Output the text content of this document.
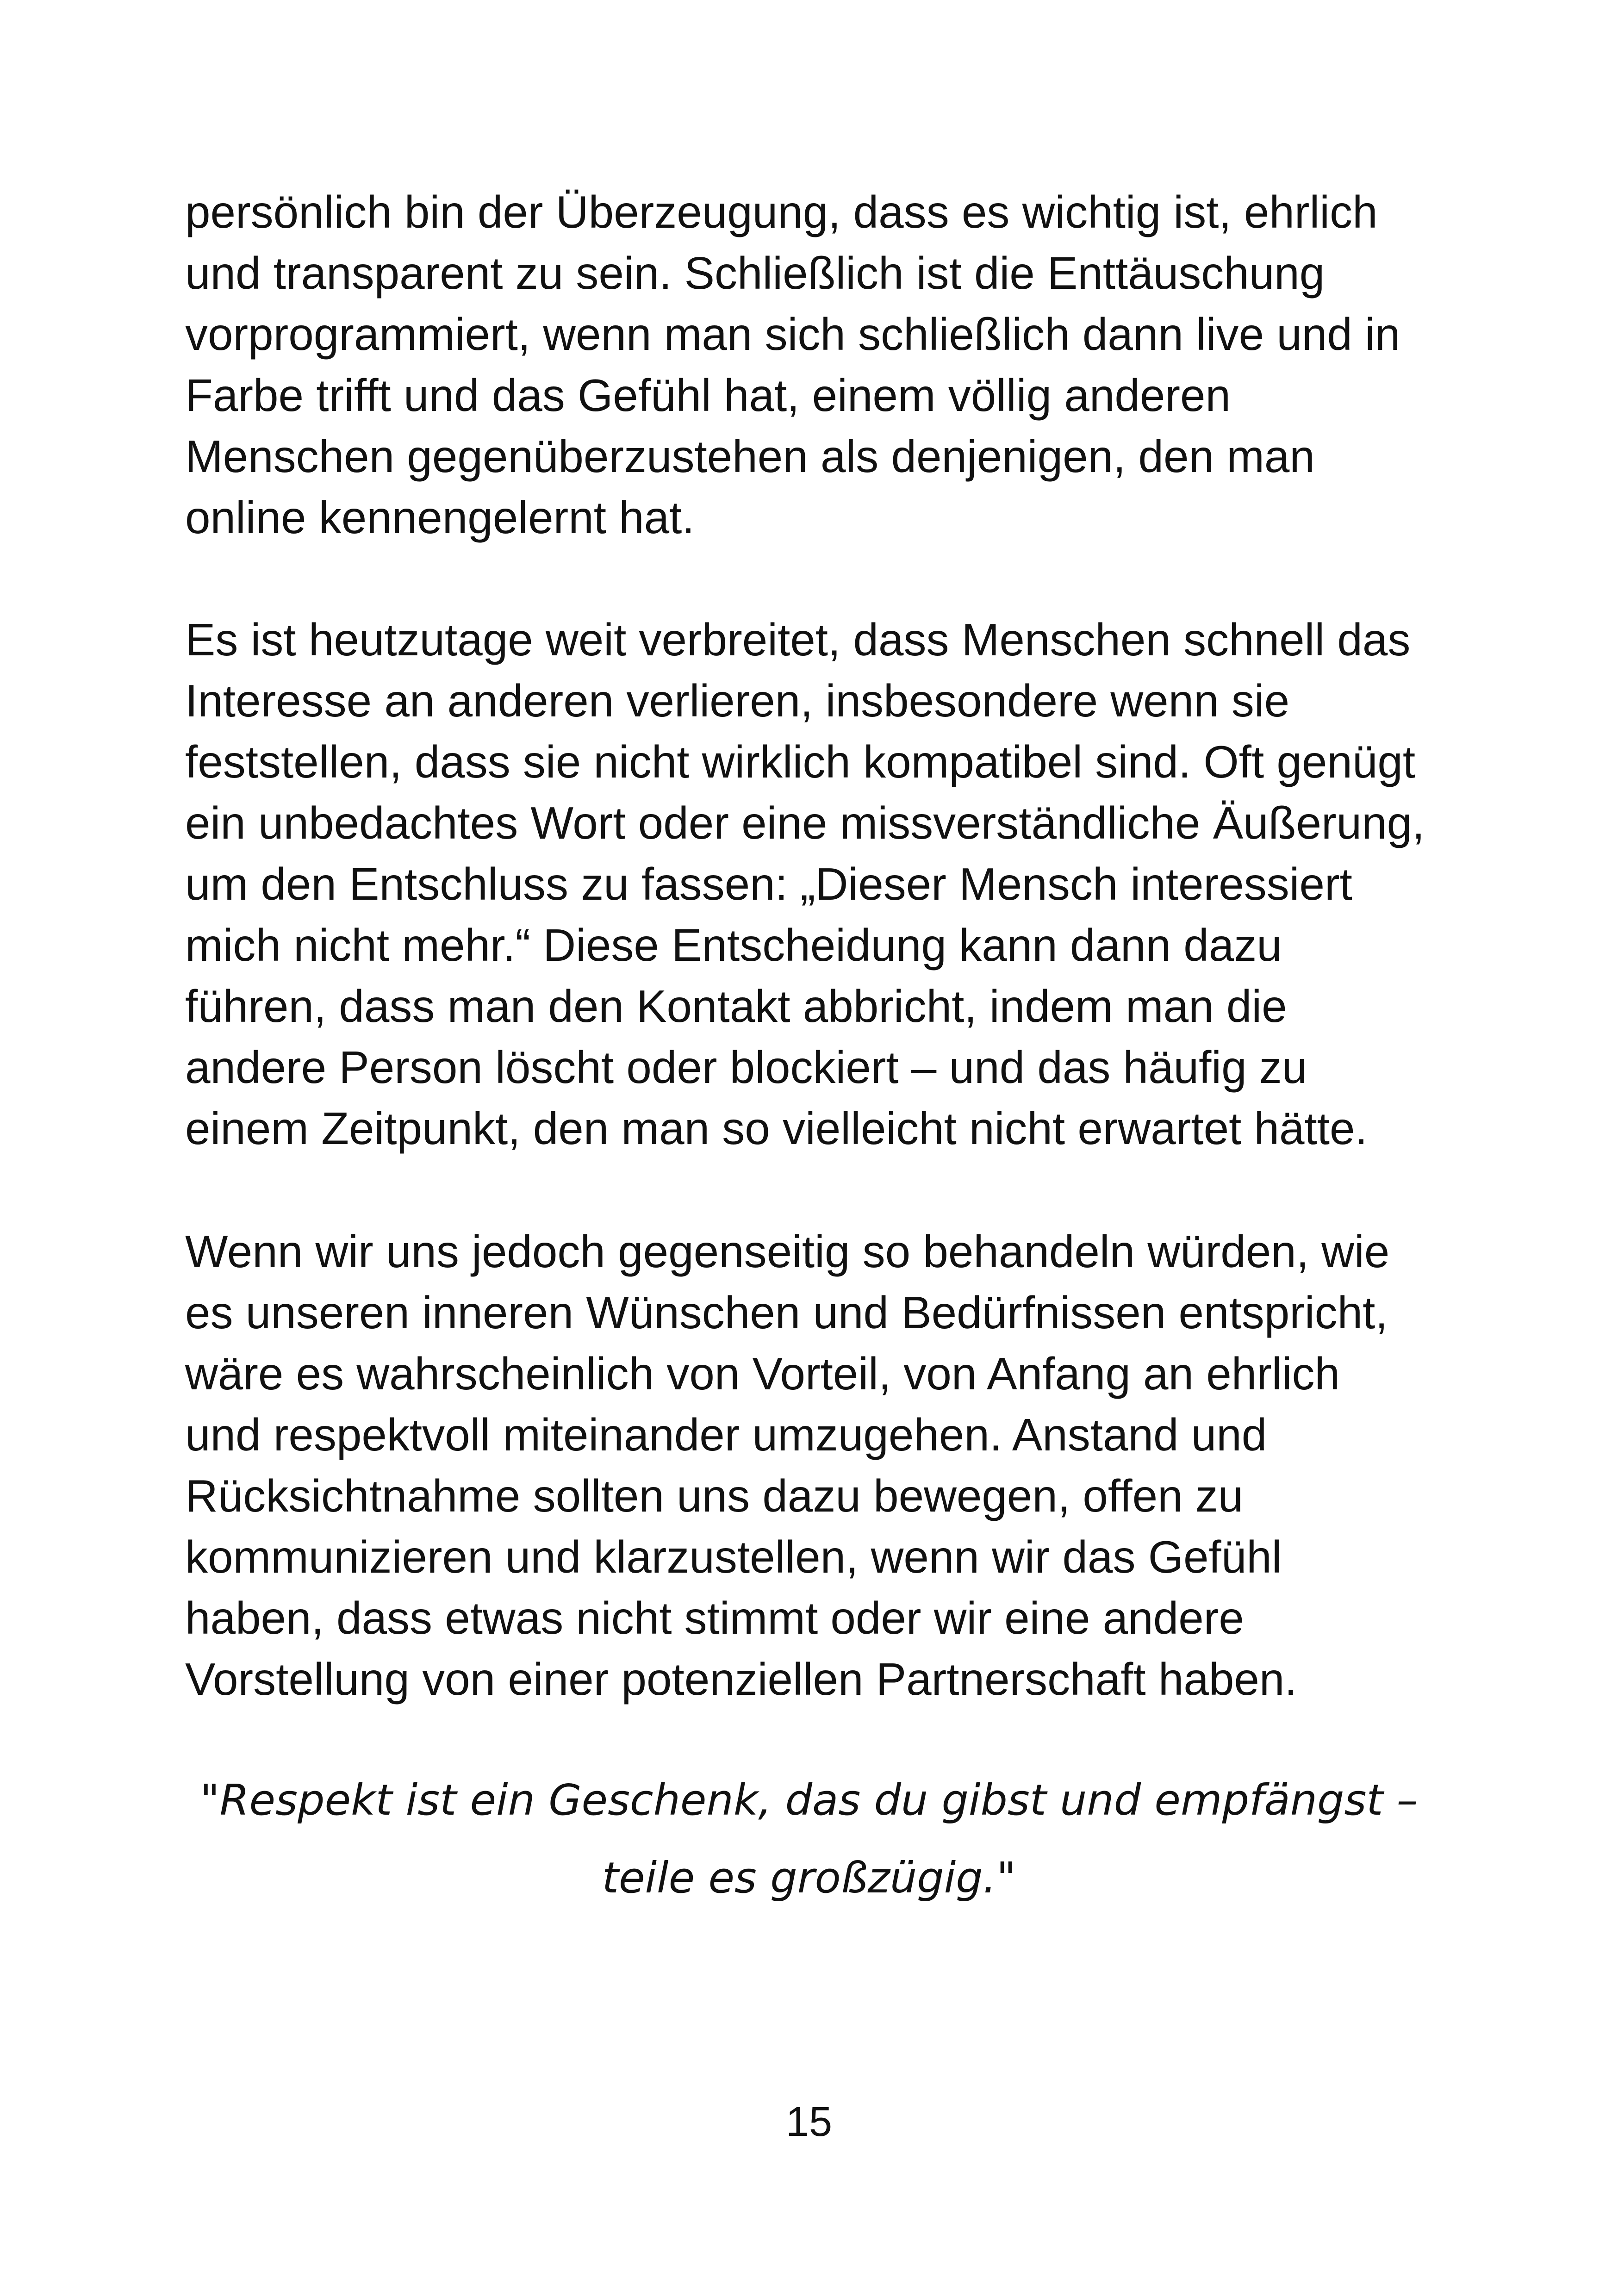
persönlich bin der Überzeugung, dass es wichtig ist, ehrlich
und transparent zu sein. Schließlich ist die Enttäuschung
vorprogrammiert, wenn man sich schließlich dann live und in
Farbe trifft und das Gefühl hat, einem völlig anderen
Menschen gegenüberzustehen als denjenigen, den man
online kennengelernt hat.
Es ist heutzutage weit verbreitet, dass Menschen schnell das
Interesse an anderen verlieren, insbesondere wenn sie
feststellen, dass sie nicht wirklich kompatibel sind. Oft genügt
ein unbedachtes Wort oder eine missverständliche Äußerung,
um den Entschluss zu fassen: „Dieser Mensch interessiert
mich nicht mehr.“ Diese Entscheidung kann dann dazu
führen, dass man den Kontakt abbricht, indem man die
andere Person löscht oder blockiert – und das häufig zu
einem Zeitpunkt, den man so vielleicht nicht erwartet hätte.
Wenn wir uns jedoch gegenseitig so behandeln würden, wie
es unseren inneren Wünschen und Bedürfnissen entspricht,
wäre es wahrscheinlich von Vorteil, von Anfang an ehrlich
und respektvoll miteinander umzugehen. Anstand und
Rücksichtnahme sollten uns dazu bewegen, offen zu
kommunizieren und klarzustellen, wenn wir das Gefühl
haben, dass etwas nicht stimmt oder wir eine andere
Vorstellung von einer potenziellen Partnerschaft haben.
"Respekt ist ein Geschenk, das du gibst und empfängst –
teile es großzügig."
15
